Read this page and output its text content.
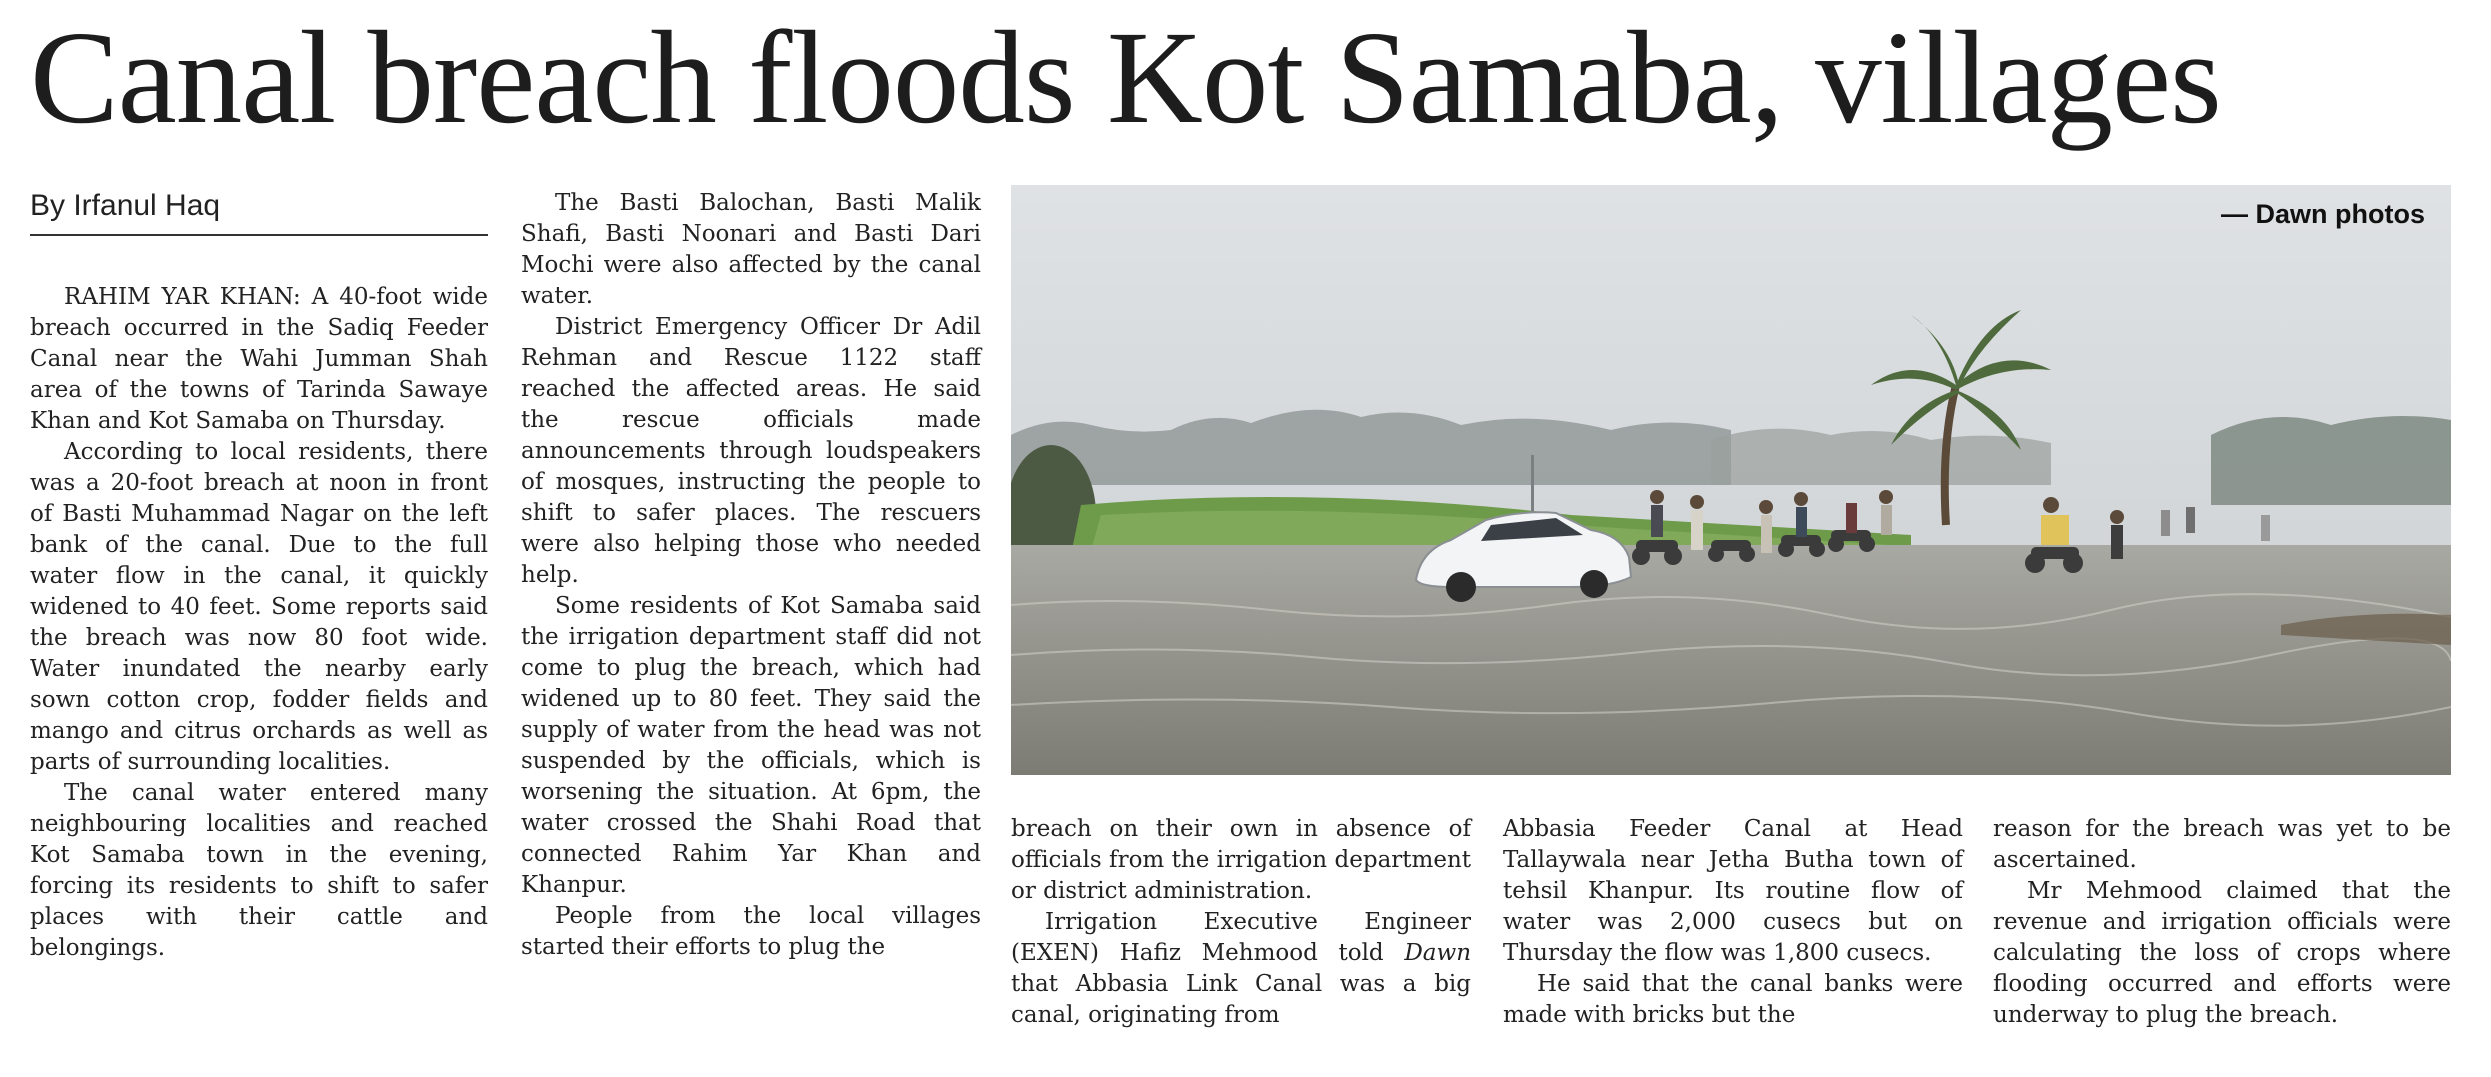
Canal breach floods Kot Samaba, villages
By Irfanul Haq

RAHIM YAR KHAN: A 40-foot wide breach occurred in the Sadiq Feeder Canal near the Wahi Jumman Shah area of the towns of Tarinda Sawaye Khan and Kot Samaba on Thursday.

According to local residents, there was a 20-foot breach at noon in front of Basti Muhammad Nagar on the left bank of the canal. Due to the full water flow in the canal, it quickly widened to 40 feet. Some reports said the breach was now 80 foot wide. Water inundated the nearby early sown cotton crop, fodder fields and mango and citrus orchards as well as parts of surrounding localities.

The canal water entered many neighbouring localities and reached Kot Samaba town in the evening, forcing its residents to shift to safer places with their cattle and belongings.

The Basti Balochan, Basti Malik Shafi, Basti Noonari and Basti Dari Mochi were also affected by the canal water.

District Emergency Officer Dr Adil Rehman and Rescue 1122 staff reached the affected areas. He said the rescue officials made announcements through loudspeakers of mosques, instructing the people to shift to safer places. The rescuers were also helping those who needed help.

Some residents of Kot Samaba said the irrigation department staff did not come to plug the breach, which had widened up to 80 feet. They said the supply of water from the head was not suspended by the officials, which is worsening the situation. At 6pm, the water crossed the Shahi Road that connected Rahim Yar Khan and Khanpur.

People from the local villages started their efforts to plug the

— Dawn photos

breach on their own in absence of officials from the irrigation department or district administration.

Irrigation Executive Engineer (EXEN) Hafiz Mehmood told Dawn that Abbasia Link Canal was a big canal, originating from

Abbasia Feeder Canal at Head Tallaywala near Jetha Butha town of tehsil Khanpur. Its routine flow of water was 2,000 cusecs but on Thursday the flow was 1,800 cusecs.

He said that the canal banks were made with bricks but the

reason for the breach was yet to be ascertained.

Mr Mehmood claimed that the revenue and irrigation officials were calculating the loss of crops where flooding occurred and efforts were underway to plug the breach.
